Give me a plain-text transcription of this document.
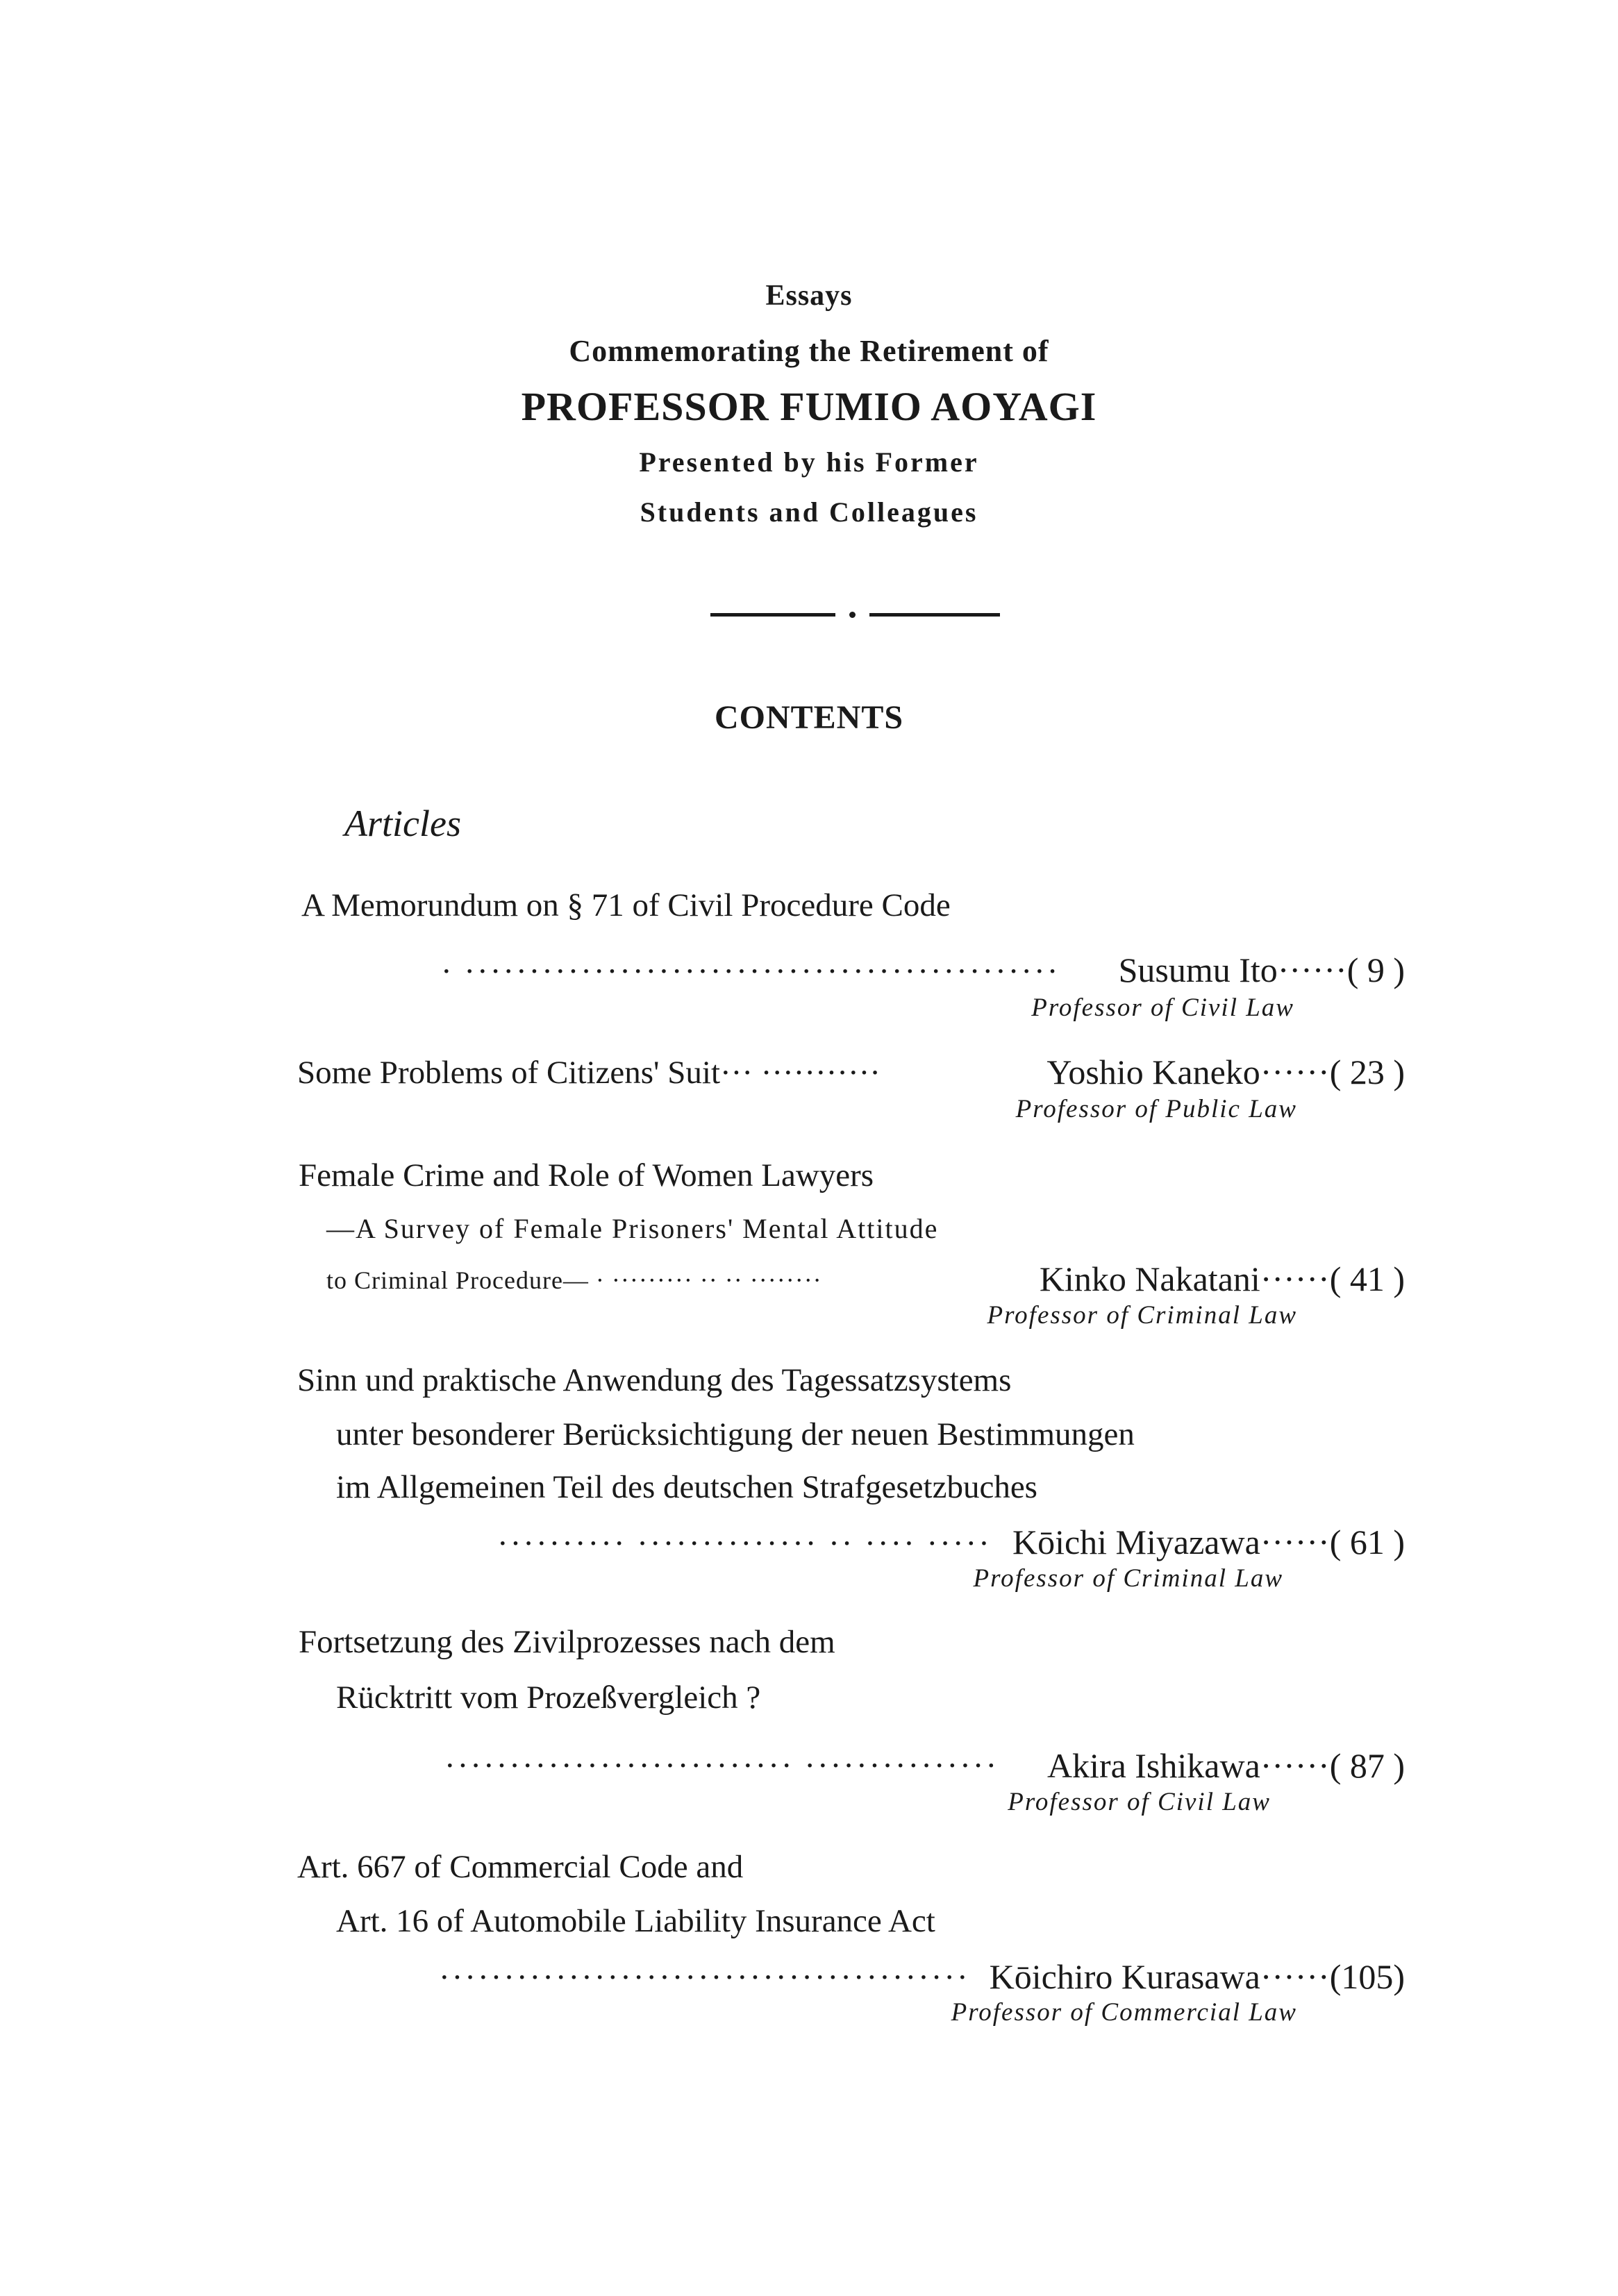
Essays
Commemorating the Retirement of
PROFESSOR FUMIO AOYAGI
Presented by his Former
Students and Colleagues
CONTENTS
Articles
A Memorundum on § 71 of Civil Procedure Code
· ·············································· Susumu Ito······( 9 )
Professor of Civil Law
Some Problems of Citizens' Suit··· ···········	Yoshio Kaneko······( 23 )
Professor of Public Law
Female Crime and Role of Women Lawyers
—A Survey of Female Prisoners' Mental Attitude
to Criminal Procedure— · ········· ·· ·· ········	Kinko Nakatani······( 41 )
Professor of Criminal Law
Sinn und praktische Anwendung des Tagessatzsystems
unter besonderer Berücksichtigung der neuen Bestimmungen
im Allgemeinen Teil des deutschen Strafgesetzbuches
·········· ·············· ·· ···· ····· Kōichi Miyazawa······( 61 )
Professor of Criminal Law
Fortsetzung des Zivilprozesses nach dem
Rücktritt vom Prozeßvergleich ?
··························· ··············· Akira Ishikawa······( 87 )
Professor of Civil Law
Art. 667 of Commercial Code and
Art. 16 of Automobile Liability Insurance Act
········································· Kōichiro Kurasawa······(105)
Professor of Commercial Law
